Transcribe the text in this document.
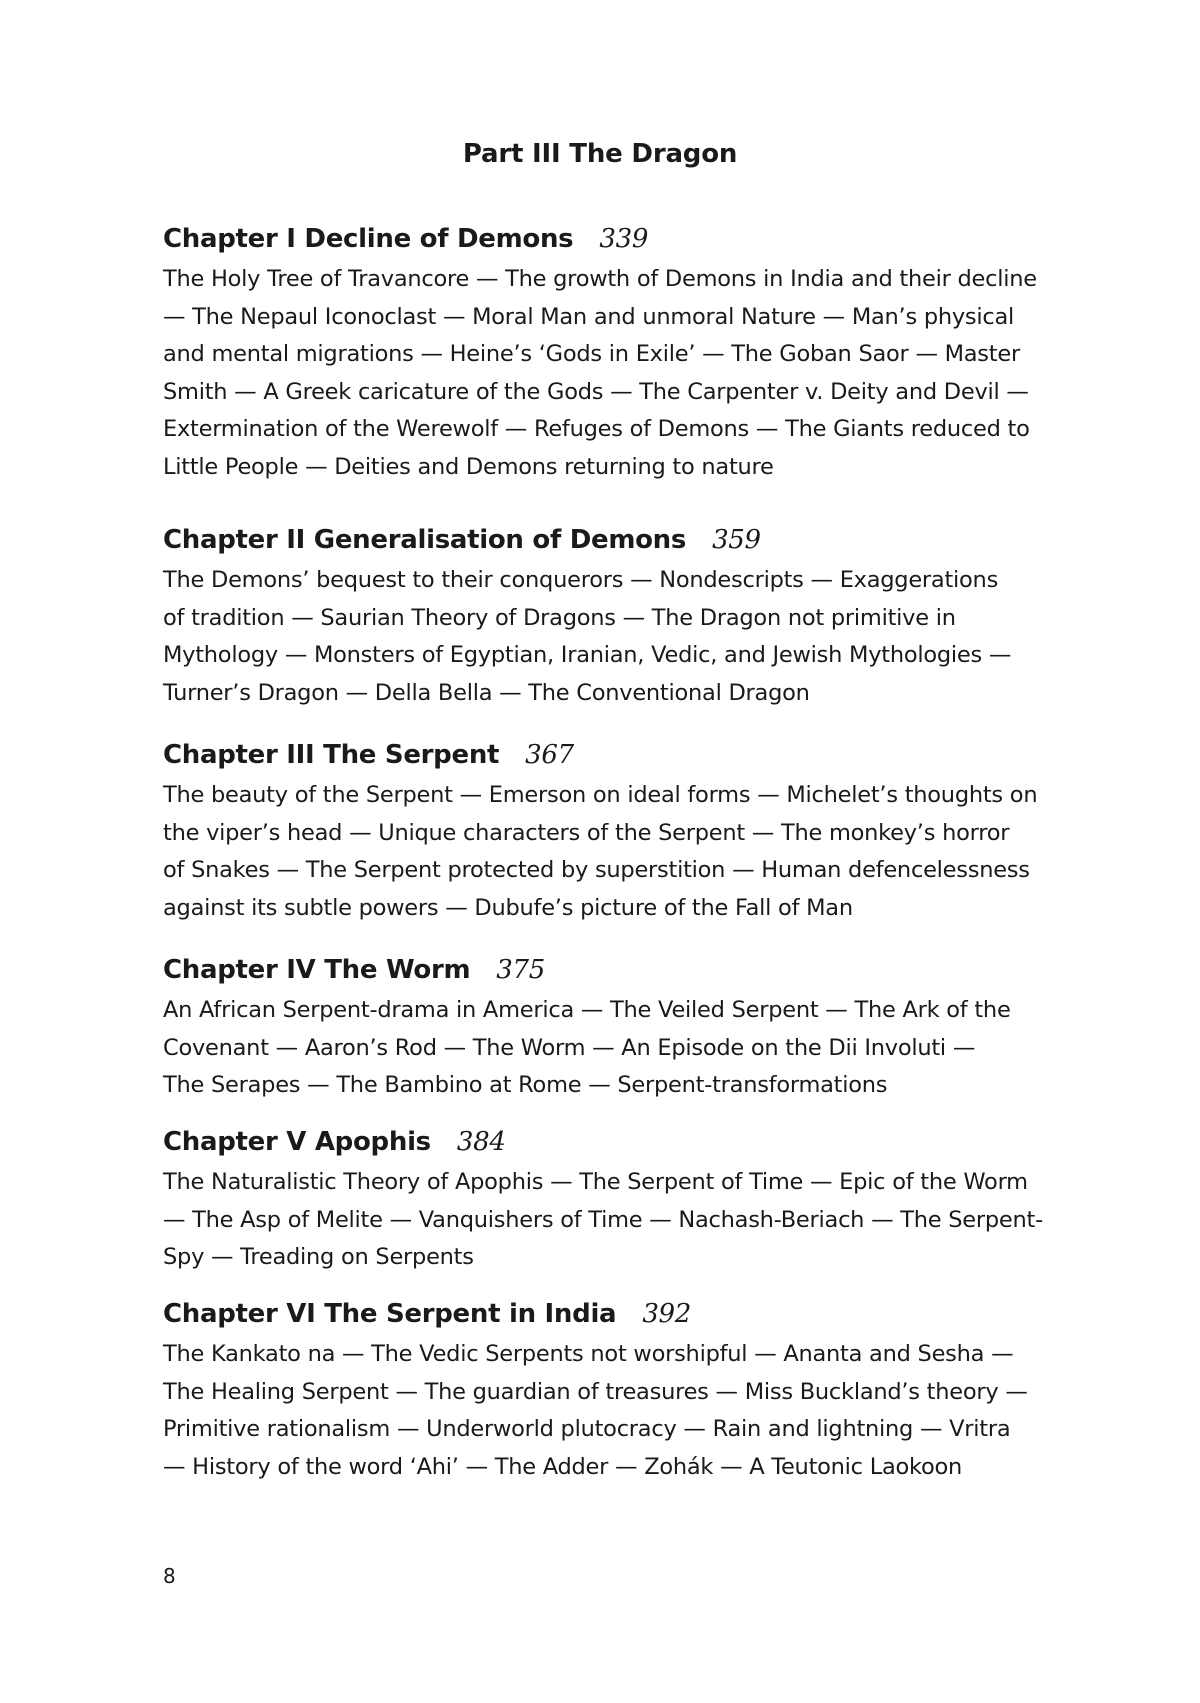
Part III The Dragon
Chapter I Decline of Demons 339
The Holy Tree of Travancore — The growth of Demons in India and their decline
— The Nepaul Iconoclast — Moral Man and unmoral Nature — Man’s physical
and mental migrations — Heine’s ‘Gods in Exile’ — The Goban Saor — Master
Smith — A Greek caricature of the Gods — The Carpenter v. Deity and Devil —
Extermination of the Werewolf — Refuges of Demons — The Giants reduced to
Little People — Deities and Demons returning to nature
Chapter II Generalisation of Demons 359
The Demons’ bequest to their conquerors — Nondescripts — Exaggerations
of tradition — Saurian Theory of Dragons — The Dragon not primitive in
Mythology — Monsters of Egyptian, Iranian, Vedic, and Jewish Mythologies —
Turner’s Dragon — Della Bella — The Conventional Dragon
Chapter III The Serpent 367
The beauty of the Serpent — Emerson on ideal forms — Michelet’s thoughts on
the viper’s head — Unique characters of the Serpent — The monkey’s horror
of Snakes — The Serpent protected by superstition — Human defencelessness
against its subtle powers — Dubufe’s picture of the Fall of Man
Chapter IV The Worm 375
An African Serpent-drama in America — The Veiled Serpent — The Ark of the
Covenant — Aaron’s Rod — The Worm — An Episode on the Dii Involuti —
The Serapes — The Bambino at Rome — Serpent-transformations
Chapter V Apophis 384
The Naturalistic Theory of Apophis — The Serpent of Time — Epic of the Worm
— The Asp of Melite — Vanquishers of Time — Nachash-Beriach — The Serpent-
Spy — Treading on Serpents
Chapter VI The Serpent in India 392
The Kankato na — The Vedic Serpents not worshipful — Ananta and Sesha —
The Healing Serpent — The guardian of treasures — Miss Buckland’s theory —
Primitive rationalism — Underworld plutocracy — Rain and lightning — Vritra
— History of the word ‘Ahi’ — The Adder — Zohák — A Teutonic Laokoon
8
